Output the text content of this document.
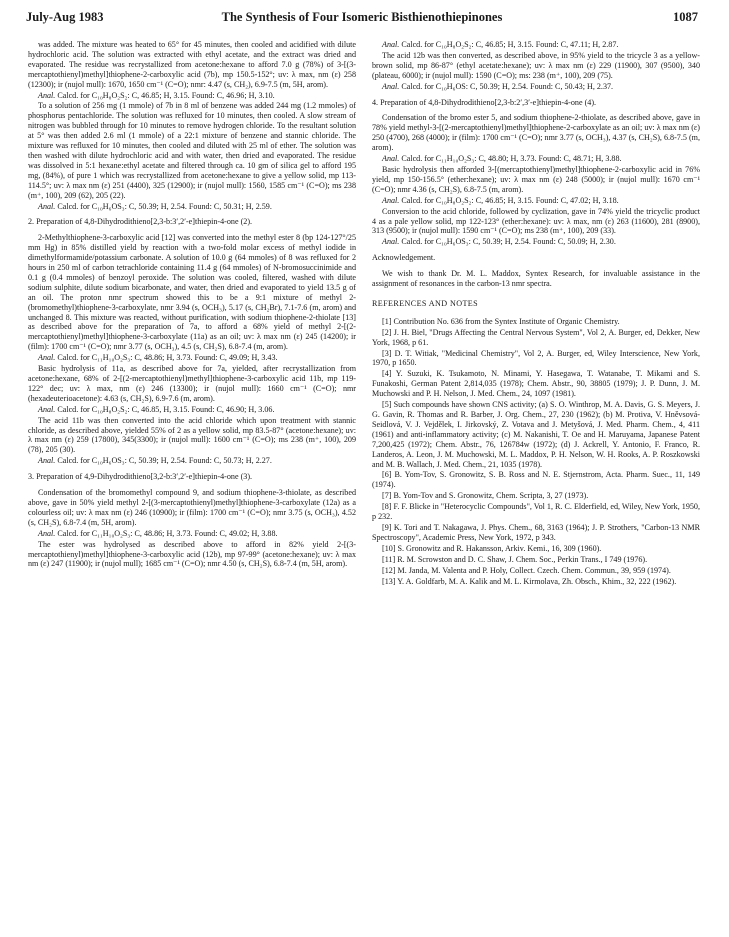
July-Aug 1983	The Synthesis of Four Isomeric Bisthienothiepinones	1087

was added. The mixture was heated to 65° for 45 minutes, then cooled and acidified with dilute hydrochloric acid. The solution was extracted with ethyl acetate, and the extract was dried and evaporated. The residue was recrystallized from acetone:hexane to afford 7.0 g (78%) of 3-[(3-mercaptothienyl)methyl]thiophene-2-carboxylic acid (7b), mp 150.5-152°; uv: λ max, nm (ε) 258 (12300); ir (nujol mull): 1670, 1650 cm⁻¹ (C=O); nmr: 4.47 (s, CH₂), 6.9-7.5 (m, 5H, arom).

Anal. Calcd. for C₁₀H₈O₂S₂: C, 46.85; H, 3.15. Found: C, 46.96; H, 3.10.

To a solution of 256 mg (1 mmole) of 7b in 8 ml of benzene was added 244 mg (1.2 mmoles) of phosphorus pentachloride. The solution was refluxed for 10 minutes, then cooled. A slow stream of nitrogen was bubbled through for 10 minutes to remove hydrogen chloride. To the resultant solution at 5° was then added 2.6 ml (1 mmole) of a 22:1 mixture of benzene and stannic chloride. The mixture was refluxed for 10 minutes, then cooled and diluted with 25 ml of ether. The solution was then washed with dilute hydrochloric acid and with water, then dried and evaporated. The residue was dissolved in 5:1 hexane:ethyl acetate and filtered through ca. 10 gm of silica gel to afford 195 mg, (84%), of pure 1 which was recrystallized from acetone:hexane to give a yellow solid, mp 113-114.5°; uv: λ max nm (ε) 251 (4400), 325 (12900); ir (nujol mull): 1560, 1585 cm⁻¹ (C=O); ms 238 (m⁺, 100), 209 (62), 205 (22).

Anal. Calcd. for C₁₀H₆OS₃: C, 50.39; H, 2.54. Found: C, 50.31; H, 2.59.

2. Preparation of 4,8-Dihydrodithieno[2,3-b:3′,2′-e]thiepin-4-one (2).

2-Methylthiophene-3-carboxylic acid [12] was converted into the methyl ester 8 (bp 124-127°/25 mm Hg) in 85% distilled yield by reaction with a two-fold molar excess of methyl iodide in dimethylformamide/potassium carbonate. A solution of 10.0 g (64 mmoles) of 8 was refluxed for 2 hours in 250 ml of carbon tetrachloride containing 11.4 g (64 mmoles) of N-bromosuccinimide and 0.1 g (0.4 mmoles) of benzoyl peroxide. The solution was cooled, filtered, washed with dilute sodium sulphite, dilute sodium bicarbonate, and water, then dried and evaporated to yield 13.5 g of an oil. The proton nmr spectrum showed this to be a 9:1 mixture of methyl 2-(bromomethyl)thiophene-3-carboxylate, nmr 3.94 (s, OCH₃), 5.17 (s, CH₂Br), 7.1-7.6 (m, arom) and unchanged 8. This mixture was reacted, without purification, with sodium thiophene-2-thiolate [13] as described above for the preparation of 7a, to afford a 68% yield of methyl 2-[(2-mercaptothienyl)methyl]thiophene-3-carboxylate (11a) as an oil; uv: λ max nm (ε) 245 (14200); ir (film): 1700 cm⁻¹ (C=O); nmr 3.77 (s, OCH₃), 4.5 (s, CH₂S), 6.8-7.4 (m, arom).

Anal. Calcd. for C₁₁H₁₀O₂S₃: C, 48.86; H, 3.73. Found: C, 49.09; H, 3.43.

Basic hydrolysis of 11a, as described above for 7a, yielded, after recrystallization from acetone:hexane, 68% of 2-[(2-mercaptothienyl)methyl]thiophene-3-carboxylic acid 11b, mp 119-122° dec; uv: λ max, nm (ε) 246 (13300); ir (nujol mull): 1660 cm⁻¹ (C=O); nmr (hexadeuterioacetone): 4.63 (s, CH₂S), 6.9-7.6 (m, arom).

Anal. Calcd. for C₁₀H₈O₂S₂: C, 46.85, H, 3.15. Found: C, 46.90; H, 3.06.

The acid 11b was then converted into the acid chloride which upon treatment with stannic chloride, as described above, yielded 55% of 2 as a yellow solid, mp 83.5-87° (acetone:hexane); uv: λ max nm (ε) 259 (17800), 345(3300); ir (nujol mull): 1600 cm⁻¹ (C=O); ms 238 (m⁺, 100), 209 (78), 205 (30).

Anal. Calcd. for C₁₀H₆OS₃: C, 50.39; H, 2.54. Found: C, 50.73; H, 2.27.

3. Preparation of 4,9-Dihydrodithieno[3,2-b:3′,2′-e]thiepin-4-one (3).

Condensation of the bromomethyl compound 9, and sodium thiophene-3-thiolate, as described above, gave in 50% yield methyl 2-[(3-mercaptothienyl)methyl]thiophene-3-carboxylate (12a) as a colourless oil; uv: λ max nm (ε) 246 (10900); ir (film): 1700 cm⁻¹ (C=O); nmr 3.75 (s, OCH₃), 4.52 (s, CH₂S), 6.8-7.4 (m, 5H, arom).

Anal. Calcd. for C₁₁H₁₀O₂S₃: C, 48.86; H, 3.73. Found: C, 49.02; H, 3.88.

The ester was hydrolysed as described above to afford in 82% yield 2-[(3-mercaptothienyl)methyl]thiophene-3-carboxylic acid (12b), mp 97-99° (acetone:hexane); uv: λ max nm (ε) 247 (11900); ir (nujol mull); 1685 cm⁻¹ (C=O); nmr 4.50 (s, CH₂S), 6.8-7.4 (m, 5H, arom).

Anal. Calcd. for C₁₀H₈O₂S₂: C, 46.85; H, 3.15. Found: C, 47.11; H, 2.87.

The acid 12b was then converted, as described above, in 95% yield to the tricycle 3 as a yellow-brown solid, mp 86-87° (ethyl acetate:hexane); uv: λ max nm (ε) 229 (11900), 307 (9500), 340 (plateau, 6000); ir (nujol mull): 1590 (C=O); ms: 238 (m⁺, 100), 209 (75).

Anal. Calcd. for C₁₀H₆OS: C, 50.39; H, 2.54. Found: C, 50.43; H, 2.37.

4. Preparation of 4,8-Dihydrodithieno[2,3-b:2′,3′-e]thiepin-4-one (4).

Condensation of the bromo ester 5, and sodium thiophene-2-thiolate, as described above, gave in 78% yield methyl-3-[(2-mercaptothienyl)methyl]thiophene-2-carboxylate as an oil; uv: λ max nm (ε) 250 (4700), 268 (4000); ir (film): 1700 cm⁻¹ (C=O); nmr 3.77 (s, OCH₃), 4.37 (s, CH₂S), 6.8-7.5 (m, arom).

Anal. Calcd. for C₁₁H₁₀O₂S₃: C, 48.80; H, 3.73. Found: C, 48.71; H, 3.88.

Basic hydrolysis then afforded 3-[(mercaptothienyl)methyl]thiophene-2-carboxylic acid in 76% yield, mp 150-156.5° (ether:hexane); uv: λ max nm (ε) 248 (5000); ir (nujol mull): 1670 cm⁻¹ (C=O); nmr 4.36 (s, CH₂S), 6.8-7.5 (m, arom).

Anal. Calcd. for C₁₀H₈O₂S₂: C, 46.85; H, 3.15. Found: C, 47.02; H, 3.18.

Conversion to the acid chloride, followed by cyclization, gave in 74% yield the tricyclic product 4 as a pale yellow solid, mp 122-123° (ether:hexane): uv: λ max, nm (ε) 263 (11600), 281 (8900), 313 (9500); ir (nujol mull): 1590 cm⁻¹ (C=O); ms 238 (m⁺, 100), 209 (33).

Anal. Calcd. for C₁₀H₆OS₃: C, 50.39; H, 2.54. Found: C, 50.09; H, 2.30.

Acknowledgement.

We wish to thank Dr. M. L. Maddox, Syntex Research, for invaluable assistance in the assignment of resonances in the carbon-13 nmr spectra.

REFERENCES AND NOTES

[1] Contribution No. 636 from the Syntex Institute of Organic Chemistry.

[2] J. H. Biel, "Drugs Affecting the Central Nervous System", Vol 2, A. Burger, ed, Dekker, New York, 1968, p 61.

[3] D. T. Witiak, "Medicinal Chemistry", Vol 2, A. Burger, ed, Wiley Interscience, New York, 1970, p 1650.

[4] Y. Suzuki, K. Tsukamoto, N. Minami, Y. Hasegawa, T. Watanabe, T. Mikami and S. Funakoshi, German Patent 2,814,035 (1978); Chem. Abstr., 90, 38805 (1979); J. P. Dunn, J. M. Muchowski and P. H. Nelson, J. Med. Chem., 24, 1097 (1981).

[5] Such compounds have shown CNS activity; (a) S. O. Winthrop, M. A. Davis, G. S. Meyers, J. G. Gavin, R. Thomas and R. Barber, J. Org. Chem., 27, 230 (1962); (b) M. Protiva, V. Hněvsová-Seidlová, V. J. Vejdělek, I. Jirkovský, Z. Votava and J. Metyšová, J. Med. Pharm. Chem., 4, 411 (1961) and anti-inflammatory activity; (c) M. Nakanishi, T. Oe and H. Maruyama, Japanese Patent 7,200,425 (1972); Chem. Abstr., 76, 126784w (1972); (d) J. Ackrell, Y. Antonio, F. Franco, R. Landeros, A. Leon, J. M. Muchowski, M. L. Maddox, P. H. Nelson, W. H. Rooks, A. P. Roszkowski and M. B. Wallach, J. Med. Chem., 21, 1035 (1978).

[6] B. Yom-Tov, S. Gronowitz, S. B. Ross and N. E. Stjernstrom, Acta. Pharm. Suec., 11, 149 (1974).

[7] B. Yom-Tov and S. Gronowitz, Chem. Scripta, 3, 27 (1973).

[8] F. F. Blicke in "Heterocyclic Compounds", Vol 1, R. C. Elderfield, ed, Wiley, New York, 1950, p 232.

[9] K. Tori and T. Nakagawa, J. Phys. Chem., 68, 3163 (1964); J. P. Strothers, "Carbon-13 NMR Spectroscopy", Academic Press, New York, 1972, p 343.

[10] S. Gronowitz and R. Hakansson, Arkiv. Kemi., 16, 309 (1960).

[11] R. M. Scrowston and D. C. Shaw, J. Chem. Soc., Perkin Trans., I 749 (1976).

[12] M. Janda, M. Valenta and P. Holy, Collect. Czech. Chem. Commun., 39, 959 (1974).

[13] Y. A. Goldfarb, M. A. Kalik and M. L. Kirmolava, Zh. Obsch., Khim., 32, 222 (1962).
